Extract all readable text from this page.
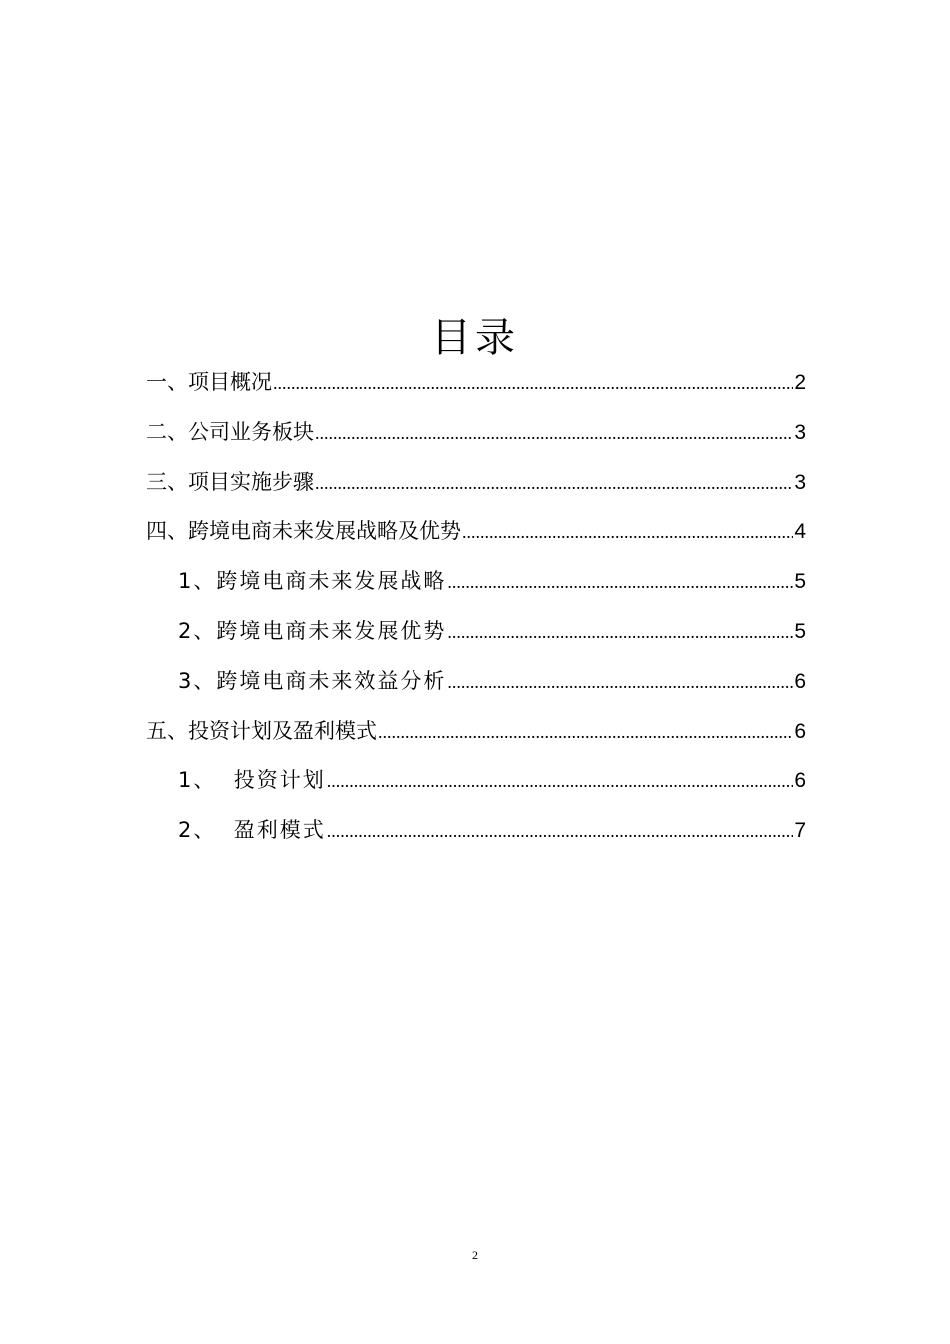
目录
一、项目概况 .....	2
二、公司业务板块 .....	3
三、项目实施步骤 .....	3
四、跨境电商未来发展战略及优势 .....	4
1、跨境电商未来发展战略 .....	5
2、跨境电商未来发展优势 .....	5
3、跨境电商未来效益分析 .....	6
五、投资计划及盈利模式 .....	6
1、  投资计划 .....	6
2、  盈利模式 .....	7
2
